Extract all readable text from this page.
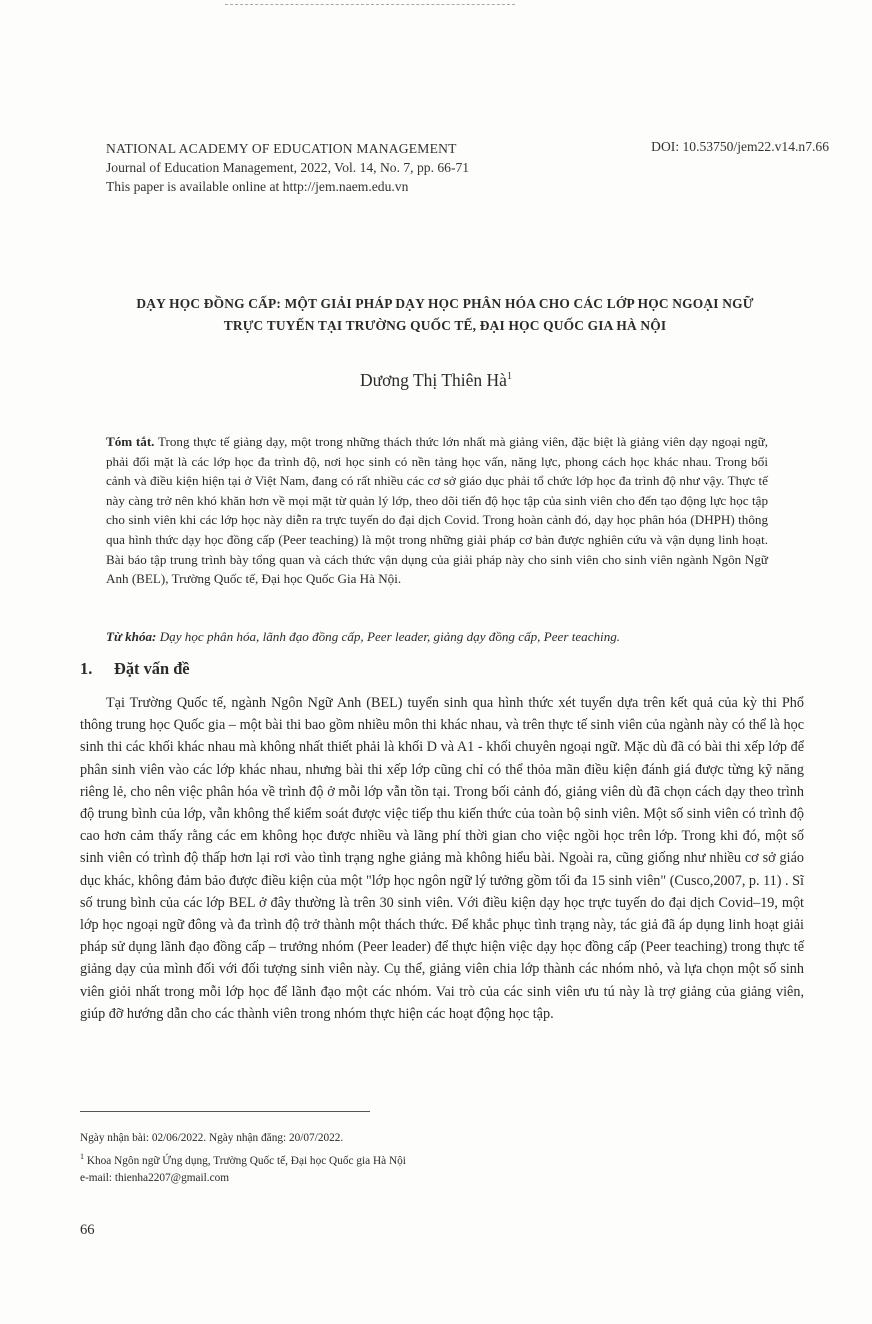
NATIONAL ACADEMY OF EDUCATION MANAGEMENT
Journal of Education Management, 2022, Vol. 14, No. 7, pp. 66-71
This paper is available online at http://jem.naem.edu.vn
DOI: 10.53750/jem22.v14.n7.66
DẠY HỌC ĐỒNG CẤP: MỘT GIẢI PHÁP DẠY HỌC PHÂN HÓA CHO CÁC LỚP HỌC NGOẠI NGỮ
TRỰC TUYẾN TẠI TRƯỜNG QUỐC TẾ, ĐẠI HỌC QUỐC GIA HÀ NỘI
Dương Thị Thiên $Hà^1$
Tóm tắt. Trong thực tế giảng dạy, một trong những thách thức lớn nhất mà giảng viên, đặc biệt là giảng viên dạy ngoại ngữ, phải đối mặt là các lớp học đa trình độ, nơi học sinh có nền tảng học vấn, năng lực, phong cách học khác nhau. Trong bối cảnh và điều kiện hiện tại ở Việt Nam, đang có rất nhiều các cơ sở giáo dục phải tổ chức lớp học đa trình độ như vậy. Thực tế này càng trở nên khó khăn hơn về mọi mặt từ quản lý lớp, theo dõi tiến độ học tập của sinh viên cho đến tạo động lực học tập cho sinh viên khi các lớp học này diễn ra trực tuyến do đại dịch Covid. Trong hoàn cảnh đó, dạy học phân hóa (DHPH) thông qua hình thức dạy học đồng cấp (Peer teaching) là một trong những giải pháp cơ bản được nghiên cứu và vận dụng linh hoạt. Bài báo tập trung trình bày tổng quan và cách thức vận dụng của giải pháp này cho sinh viên cho sinh viên ngành Ngôn Ngữ Anh (BEL), Trường Quốc tế, Đại học Quốc Gia Hà Nội.
Từ khóa: Dạy học phân hóa, lãnh đạo đồng cấp, Peer leader, giảng dạy đồng cấp, Peer teaching.
1. Đặt vấn đề

Tại Trường Quốc tế, ngành Ngôn Ngữ Anh (BEL) tuyển sinh qua hình thức xét tuyển dựa trên kết quả của kỳ thi Phổ thông trung học Quốc gia – một bài thi bao gồm nhiều môn thi khác nhau, và trên thực tế sinh viên của ngành này có thể là học sinh thi các khối khác nhau mà không nhất thiết phải là khối D và A1 - khối chuyên ngoại ngữ. Mặc dù đã có bài thi xếp lớp để phân sinh viên vào các lớp khác nhau, nhưng bài thi xếp lớp cũng chỉ có thể thỏa mãn điều kiện đánh giá được từng kỹ năng riêng lẻ, cho nên việc phân hóa về trình độ ở mỗi lớp vẫn tồn tại. Trong bối cảnh đó, giảng viên dù đã chọn cách dạy theo trình độ trung bình của lớp, vẫn không thể kiểm soát được việc tiếp thu kiến thức của toàn bộ sinh viên. Một số sinh viên có trình độ cao hơn cảm thấy rằng các em không học được nhiều và lãng phí thời gian cho việc ngồi học trên lớp. Trong khi đó, một số sinh viên có trình độ thấp hơn lại rơi vào tình trạng nghe giảng mà không hiểu bài. Ngoài ra, cũng giống như nhiều cơ sở giáo dục khác, không đảm bảo được điều kiện của một "lớp học ngôn ngữ lý tưởng gồm tối đa 15 sinh viên" (Cusco,2007, p. 11) . Sĩ số trung bình của các lớp BEL ở đây thường là trên 30 sinh viên. Với điều kiện dạy học trực tuyến do đại dịch Covid–19, một lớp học ngoại ngữ đông và đa trình độ trở thành một thách thức. Để khắc phục tình trạng này, tác giả đã áp dụng linh hoạt giải pháp sử dụng lãnh đạo đồng cấp – trưởng nhóm (Peer leader) để thực hiện việc dạy học đồng cấp (Peer teaching) trong thực tế giảng dạy của mình đối với đối tượng sinh viên này. Cụ thể, giảng viên chia lớp thành các nhóm nhỏ, và lựa chọn một số sinh viên giỏi nhất trong mỗi lớp học để lãnh đạo một các nhóm. Vai trò của các sinh viên ưu tú này là trợ giảng của giảng viên, giúp đỡ hướng dẫn cho các thành viên trong nhóm thực hiện các hoạt động học tập.

Ngày nhận bài: 02/06/2022. Ngày nhận đăng: 20/07/2022.
$^1$ Khoa Ngôn ngữ Ứng dụng, Trường Quốc tế, Đại học Quốc gia Hà Nội
e-mail: thienha2207@gmail.com
66
